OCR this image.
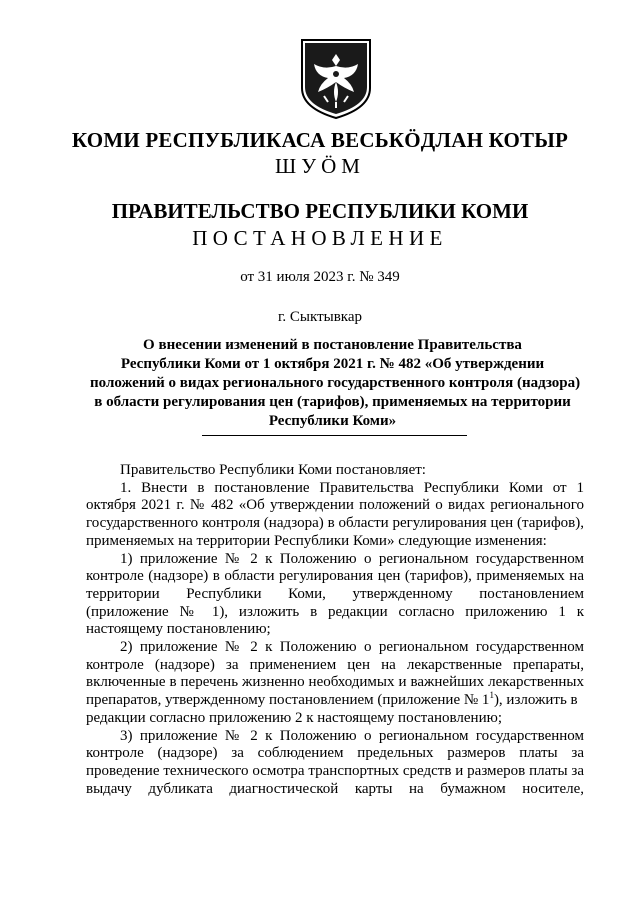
КОМИ РЕСПУБЛИКАСА ВЕСЬКÖДЛАН КОТЫР
ШУÖМ
ПРАВИТЕЛЬСТВО РЕСПУБЛИКИ КОМИ
ПОСТАНОВЛЕНИЕ
от 31 июля 2023 г. № 349
г. Сыктывкар
О внесении изменений в постановление Правительства
Республики Коми от 1 октября 2021 г. № 482 «Об утверждении
положений о видах регионального государственного контроля (надзора)
в области регулирования цен (тарифов), применяемых на территории
Республики Коми»
Правительство Республики Коми постановляет:
1. Внести в постановление Правительства Республики Коми от 1
октября 2021 г. № 482 «Об утверждении положений о видах регионального
государственного контроля (надзора) в области регулирования цен (тарифов),
применяемых на территории Республики Коми» следующие изменения:
1) приложение № 2 к Положению о региональном государственном
контроле (надзоре) в области регулирования цен (тарифов), применяемых на
территории Республики Коми, утвержденному постановлением
(приложение № 1), изложить в редакции согласно приложению 1 к
настоящему постановлению;
2) приложение № 2 к Положению о региональном государственном
контроле (надзоре) за применением цен на лекарственные препараты,
включенные в перечень жизненно необходимых и важнейших лекарственных
препаратов, утвержденному постановлением (приложение № $1^1$), изложить в
редакции согласно приложению 2 к настоящему постановлению;
3) приложение № 2 к Положению о региональном государственном
контроле (надзоре) за соблюдением предельных размеров платы за
проведение технического осмотра транспортных средств и размеров платы за
выдачу дубликата диагностической карты на бумажном носителе,
